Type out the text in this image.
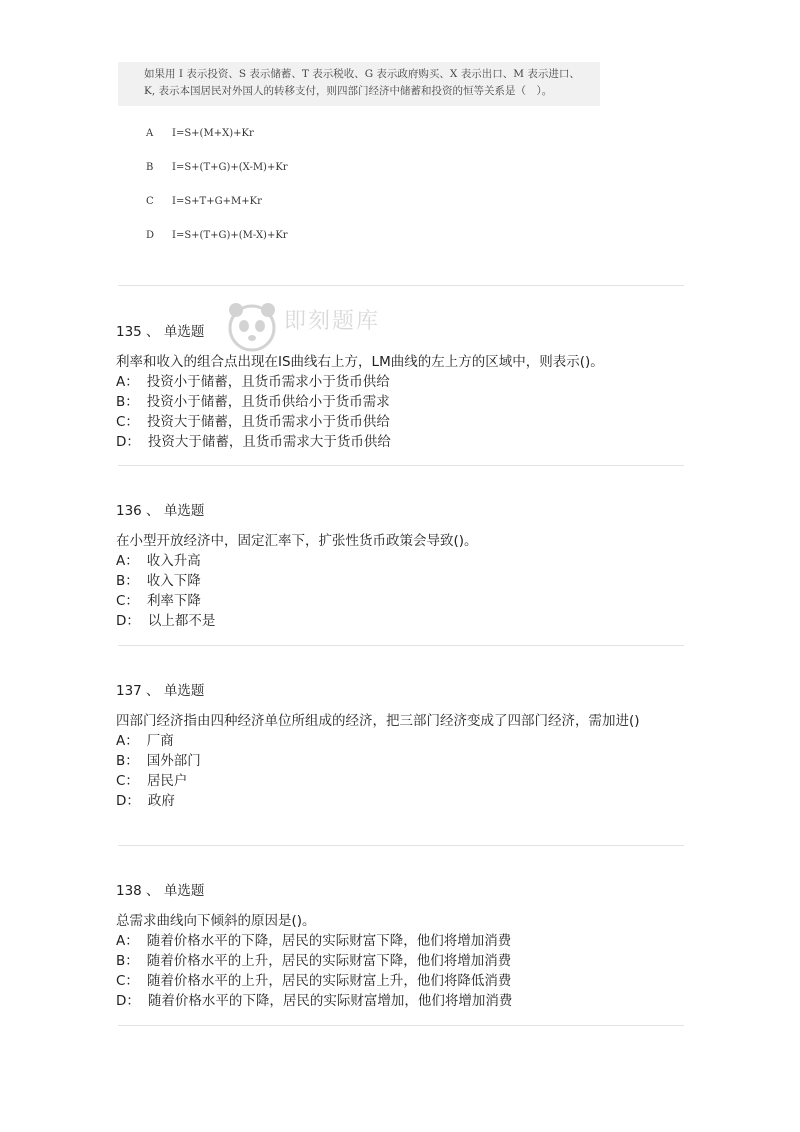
如果用 I 表示投资、S 表示储蓄、T 表示税收、G 表示政府购买、X 表示出口、M 表示进口、
K, 表示本国居民对外国人的转移支付，则四部门经济中储蓄和投资的恒等关系是（　）。
A I=S+(M+X)+Kr
B I=S+(T+G)+(X-M)+Kr
C I=S+T+G+M+Kr
D I=S+(T+G)+(M-X)+Kr
即刻题库
135 、 单选题
利率和收入的组合点出现在IS曲线右上方，LM曲线的左上方的区域中，则表示()。
A： 投资小于储蓄，且货币需求小于货币供给
B： 投资小于储蓄，且货币供给小于货币需求
C： 投资大于储蓄，且货币需求小于货币供给
D： 投资大于储蓄，且货币需求大于货币供给
136 、 单选题
在小型开放经济中，固定汇率下，扩张性货币政策会导致()。
A： 收入升高
B： 收入下降
C： 利率下降
D： 以上都不是
137 、 单选题
四部门经济指由四种经济单位所组成的经济，把三部门经济变成了四部门经济，需加进()
A： 厂商
B： 国外部门
C： 居民户
D： 政府
138 、 单选题
总需求曲线向下倾斜的原因是()。
A： 随着价格水平的下降，居民的实际财富下降，他们将增加消费
B： 随着价格水平的上升，居民的实际财富下降，他们将增加消费
C： 随着价格水平的上升，居民的实际财富上升，他们将降低消费
D： 随着价格水平的下降，居民的实际财富增加，他们将增加消费
